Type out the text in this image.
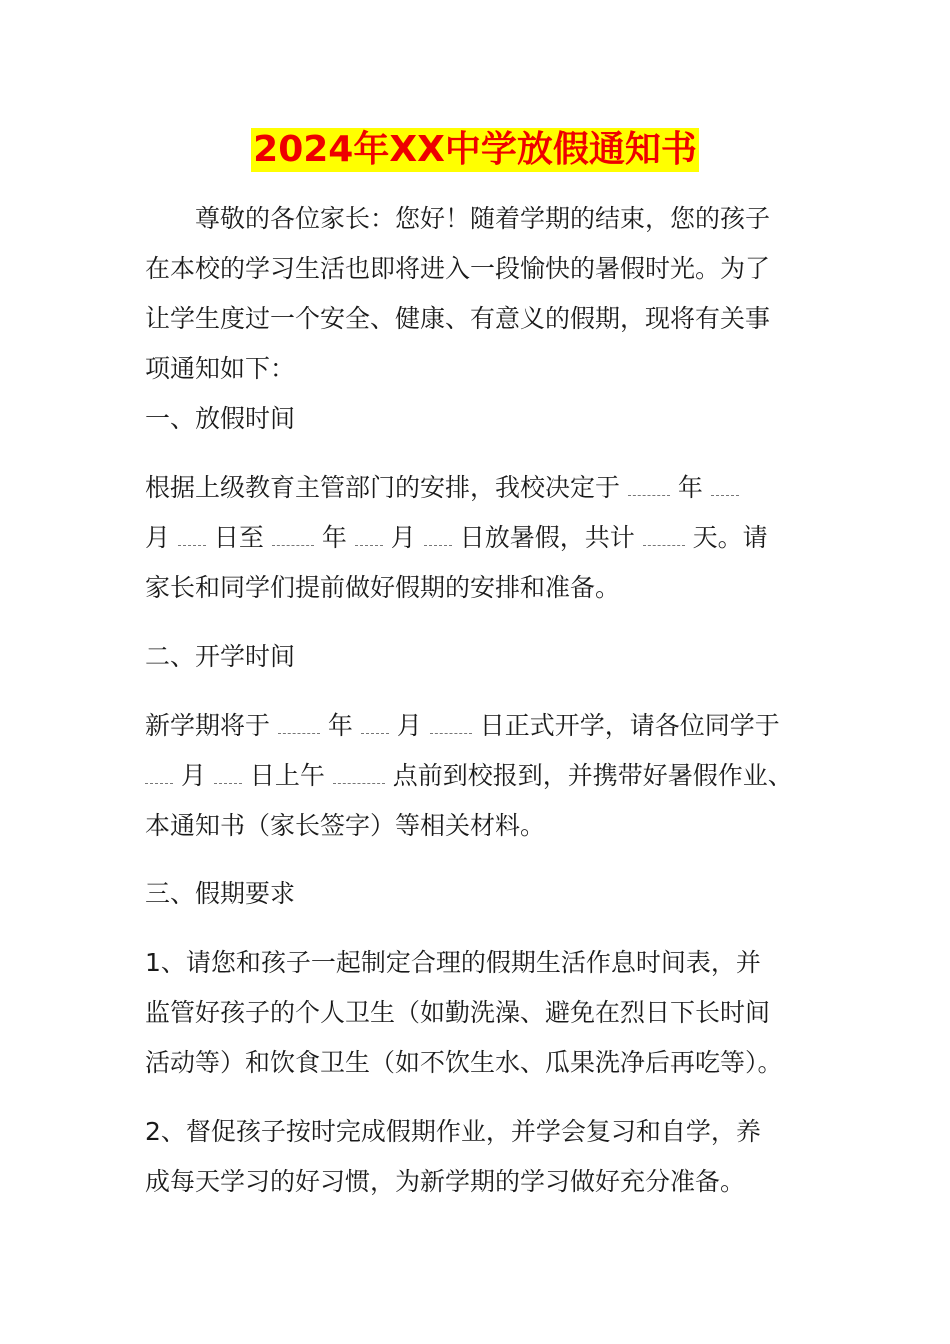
2024年XX中学放假通知书
尊敬的各位家长：您好！随着学期的结束，您的孩子
在本校的学习生活也即将进入一段愉快的暑假时光。为了
让学生度过一个安全、健康、有意义的假期，现将有关事
项通知如下：
一、放假时间
根据上级教育主管部门的安排，我校决定于 年
月 日至 年 月 日放暑假，共计 天。请
家长和同学们提前做好假期的安排和准备。
二、开学时间
新学期将于 年 月 日正式开学，请各位同学于
月 日上午	点前到校报到，并携带好暑假作业、
本通知书（家长签字）等相关材料。
三、假期要求
1、请您和孩子一起制定合理的假期生活作息时间表，并
监管好孩子的个人卫生（如勤洗澡、避免在烈日下长时间
活动等）和饮食卫生（如不饮生水、瓜果洗净后再吃等）。
2、督促孩子按时完成假期作业，并学会复习和自学，养
成每天学习的好习惯，为新学期的学习做好充分准备。
